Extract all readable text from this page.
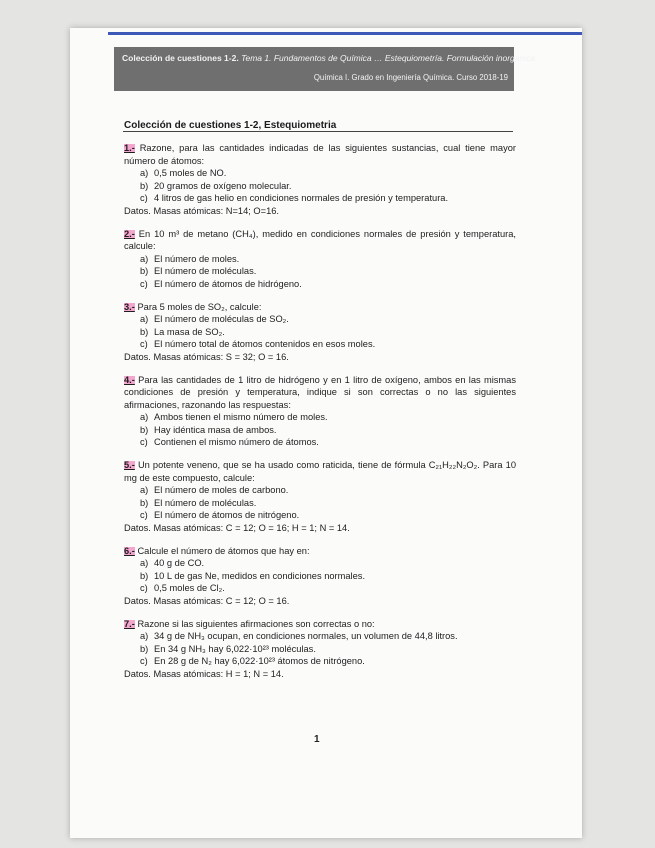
Colección de cuestiones 1-2. Tema 1. Fundamentos de Química … Estequiometría. Formulación inorgánica
Química I. Grado en Ingeniería Química. Curso 2018-19
Colección de cuestiones 1-2, Estequiometria
1.- Razone, para las cantidades indicadas de las siguientes sustancias, cual tiene mayor número de átomos:
a) 0,5 moles de NO.
b) 20 gramos de oxígeno molecular.
c) 4 litros de gas helio en condiciones normales de presión y temperatura.
Datos. Masas atómicas: N=14; O=16.
2.- En 10 m³ de metano (CH₄), medido en condiciones normales de presión y temperatura, calcule:
a) El número de moles.
b) El número de moléculas.
c) El número de átomos de hidrógeno.
3.- Para 5 moles de SO₂, calcule:
a) El número de moléculas de SO₂.
b) La masa de SO₂.
c) El número total de átomos contenidos en esos moles.
Datos. Masas atómicas: S = 32; O = 16.
4.- Para las cantidades de 1 litro de hidrógeno y en 1 litro de oxígeno, ambos en las mismas condiciones de presión y temperatura, indique si son correctas o no las siguientes afirmaciones, razonando las respuestas:
a) Ambos tienen el mismo número de moles.
b) Hay idéntica masa de ambos.
c) Contienen el mismo número de átomos.
5.- Un potente veneno, que se ha usado como raticida, tiene de fórmula C₂₁H₂₂N₂O₂. Para 10 mg de este compuesto, calcule:
a) El número de moles de carbono.
b) El número de moléculas.
c) El número de átomos de nitrógeno.
Datos. Masas atómicas: C = 12; O = 16; H = 1; N = 14.
6.- Calcule el número de átomos que hay en:
a) 40 g de CO.
b) 10 L de gas Ne, medidos en condiciones normales.
c) 0,5 moles de Cl₂.
Datos. Masas atómicas: C = 12; O = 16.
7.- Razone si las siguientes afirmaciones son correctas o no:
a) 34 g de NH₃ ocupan, en condiciones normales, un volumen de 44,8 litros.
b) En 34 g NH₃ hay 6,022·10²³ moléculas.
c) En 28 g de N₂ hay 6,022·10²³ átomos de nitrógeno.
Datos. Masas atómicas: H = 1; N = 14.
1
